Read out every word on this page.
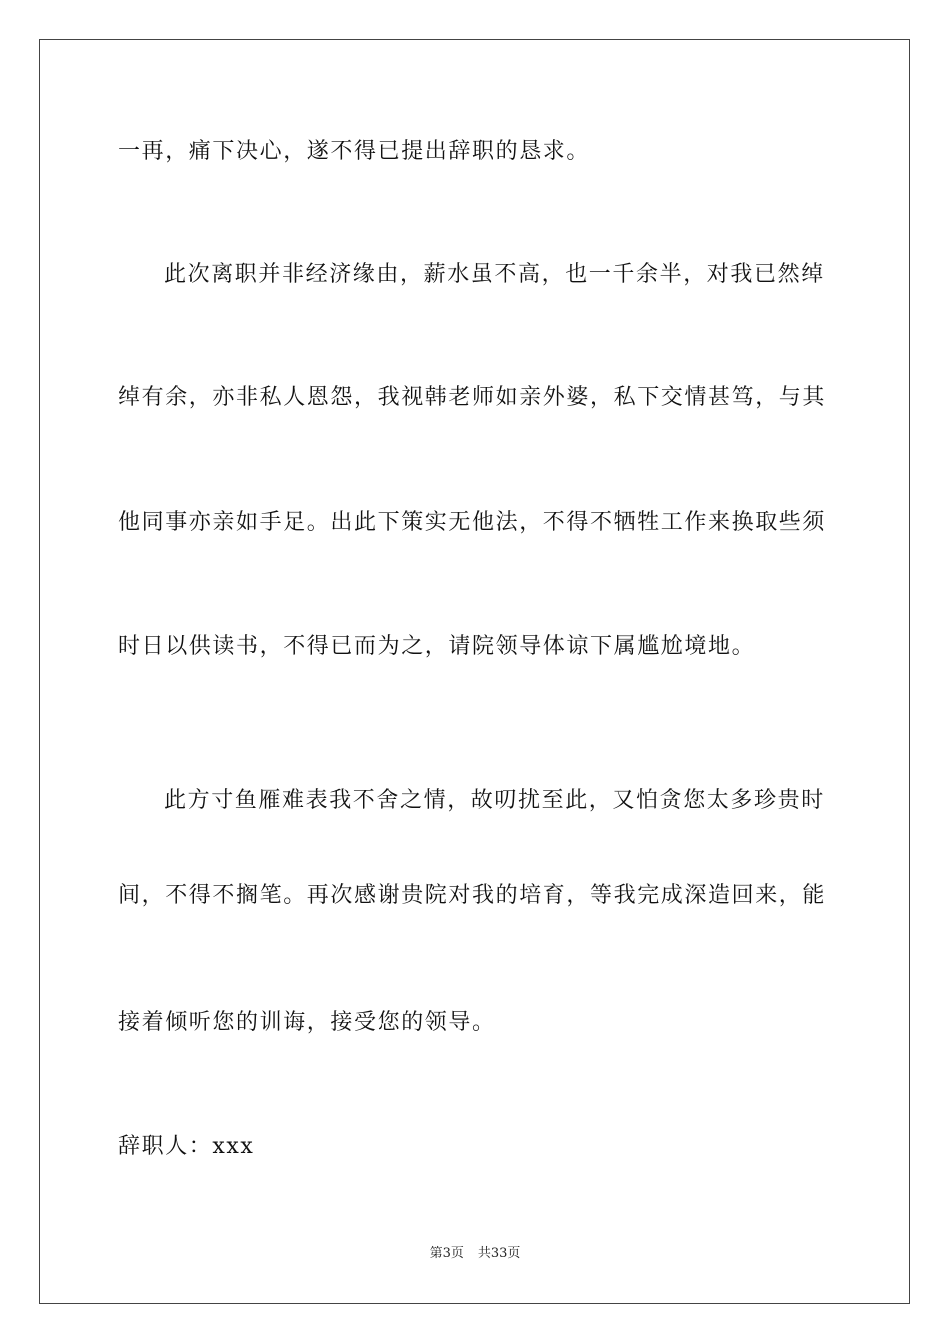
一再，痛下决心，遂不得已提出辞职的恳求。
此次离职并非经济缘由，薪水虽不高，也一千余半，对我已然绰
绰有余，亦非私人恩怨，我视韩老师如亲外婆，私下交情甚笃，与其
他同事亦亲如手足。出此下策实无他法，不得不牺牲工作来换取些须
时日以供读书，不得已而为之，请院领导体谅下属尴尬境地。
此方寸鱼雁难表我不舍之情，故叨扰至此，又怕贪您太多珍贵时
间，不得不搁笔。再次感谢贵院对我的培育，等我完成深造回来，能
接着倾听您的训诲，接受您的领导。
辞职人：xxx
第3页 共33页
